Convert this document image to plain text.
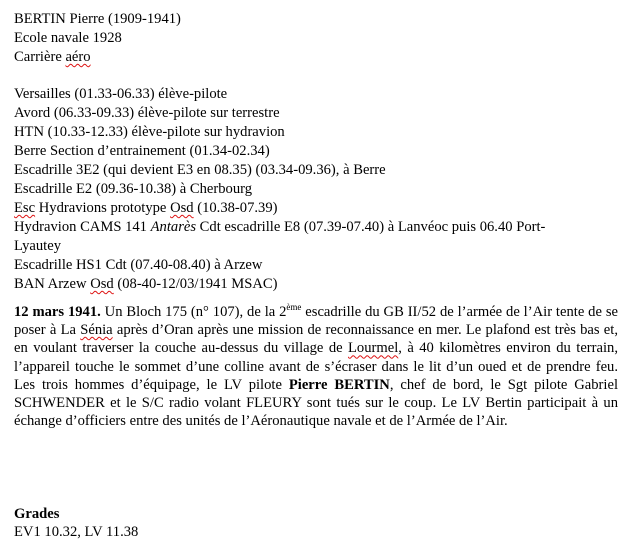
BERTIN Pierre (1909-1941)
Ecole navale 1928
Carrière aéro
Versailles (01.33-06.33) élève-pilote
Avord (06.33-09.33) élève-pilote sur terrestre
HTN (10.33-12.33) élève-pilote sur hydravion
Berre Section d’entrainement (01.34-02.34)
Escadrille 3E2 (qui devient E3 en 08.35) (03.34-09.36), à Berre
Escadrille E2 (09.36-10.38) à Cherbourg
Esc Hydravions prototype Osd (10.38-07.39)
Hydravion CAMS 141 Antarès Cdt escadrille E8 (07.39-07.40) à Lanvéoc puis 06.40 Port-
Lyautey
Escadrille HS1 Cdt (07.40-08.40) à Arzew
BAN Arzew Osd (08-40-12/03/1941 MSAC)
12 mars 1941. Un Bloch 175 (n° 107), de la 2ème escadrille du GB II/52 de l’armée de l’Air tente de se poser à La Sénia après d’Oran après une mission de reconnaissance en mer. Le plafond est très bas et, en voulant traverser la couche au-dessus du village de Lourmel, à 40 kilomètres environ du terrain, l’appareil touche le sommet d’une colline avant de s’écraser dans le lit d’un oued et de prendre feu. Les trois hommes d’équipage, le LV pilote Pierre BERTIN, chef de bord, le Sgt pilote Gabriel SCHWENDER et le S/C radio volant FLEURY sont tués sur le coup. Le LV Bertin participait à un échange d’officiers entre des unités de l’Aéronautique navale et de l’Armée de l’Air.
Grades
EV1 10.32, LV 11.38
